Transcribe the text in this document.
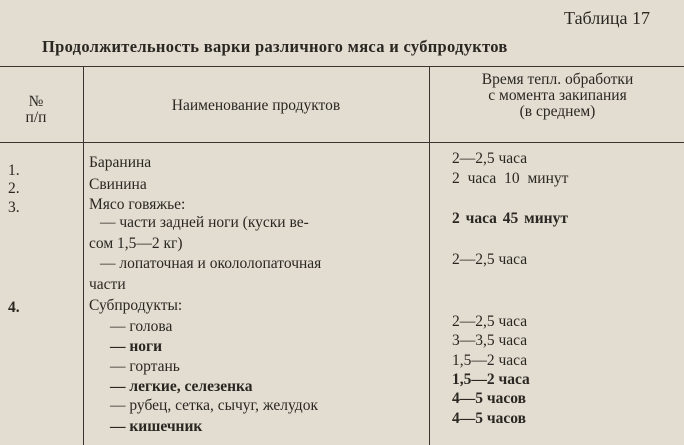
Таблица 17
Продолжительность варки различного мяса и субпродуктов
№
п/п
Наименование продуктов
Время тепл. обработки
с момента закипания
(в среднем)
1.
2.
3.
4.
Баранина
Свинина
Мясо говяжье:
— части задней ноги (куски ве-
сом 1,5—2 кг)
— лопаточная и окололопаточная
части
Субпродукты:
— голова
— ноги
— гортань
— легкие, селезенка
— рубец, сетка, сычуг, желудок
— кишечник
2—2,5 часа
2 часа 10 минут
2 часа 45 минут
2—2,5 часа
2—2,5 часа
3—3,5 часа
1,5—2 часа
1,5—2 часа
4—5 часов
4—5 часов
